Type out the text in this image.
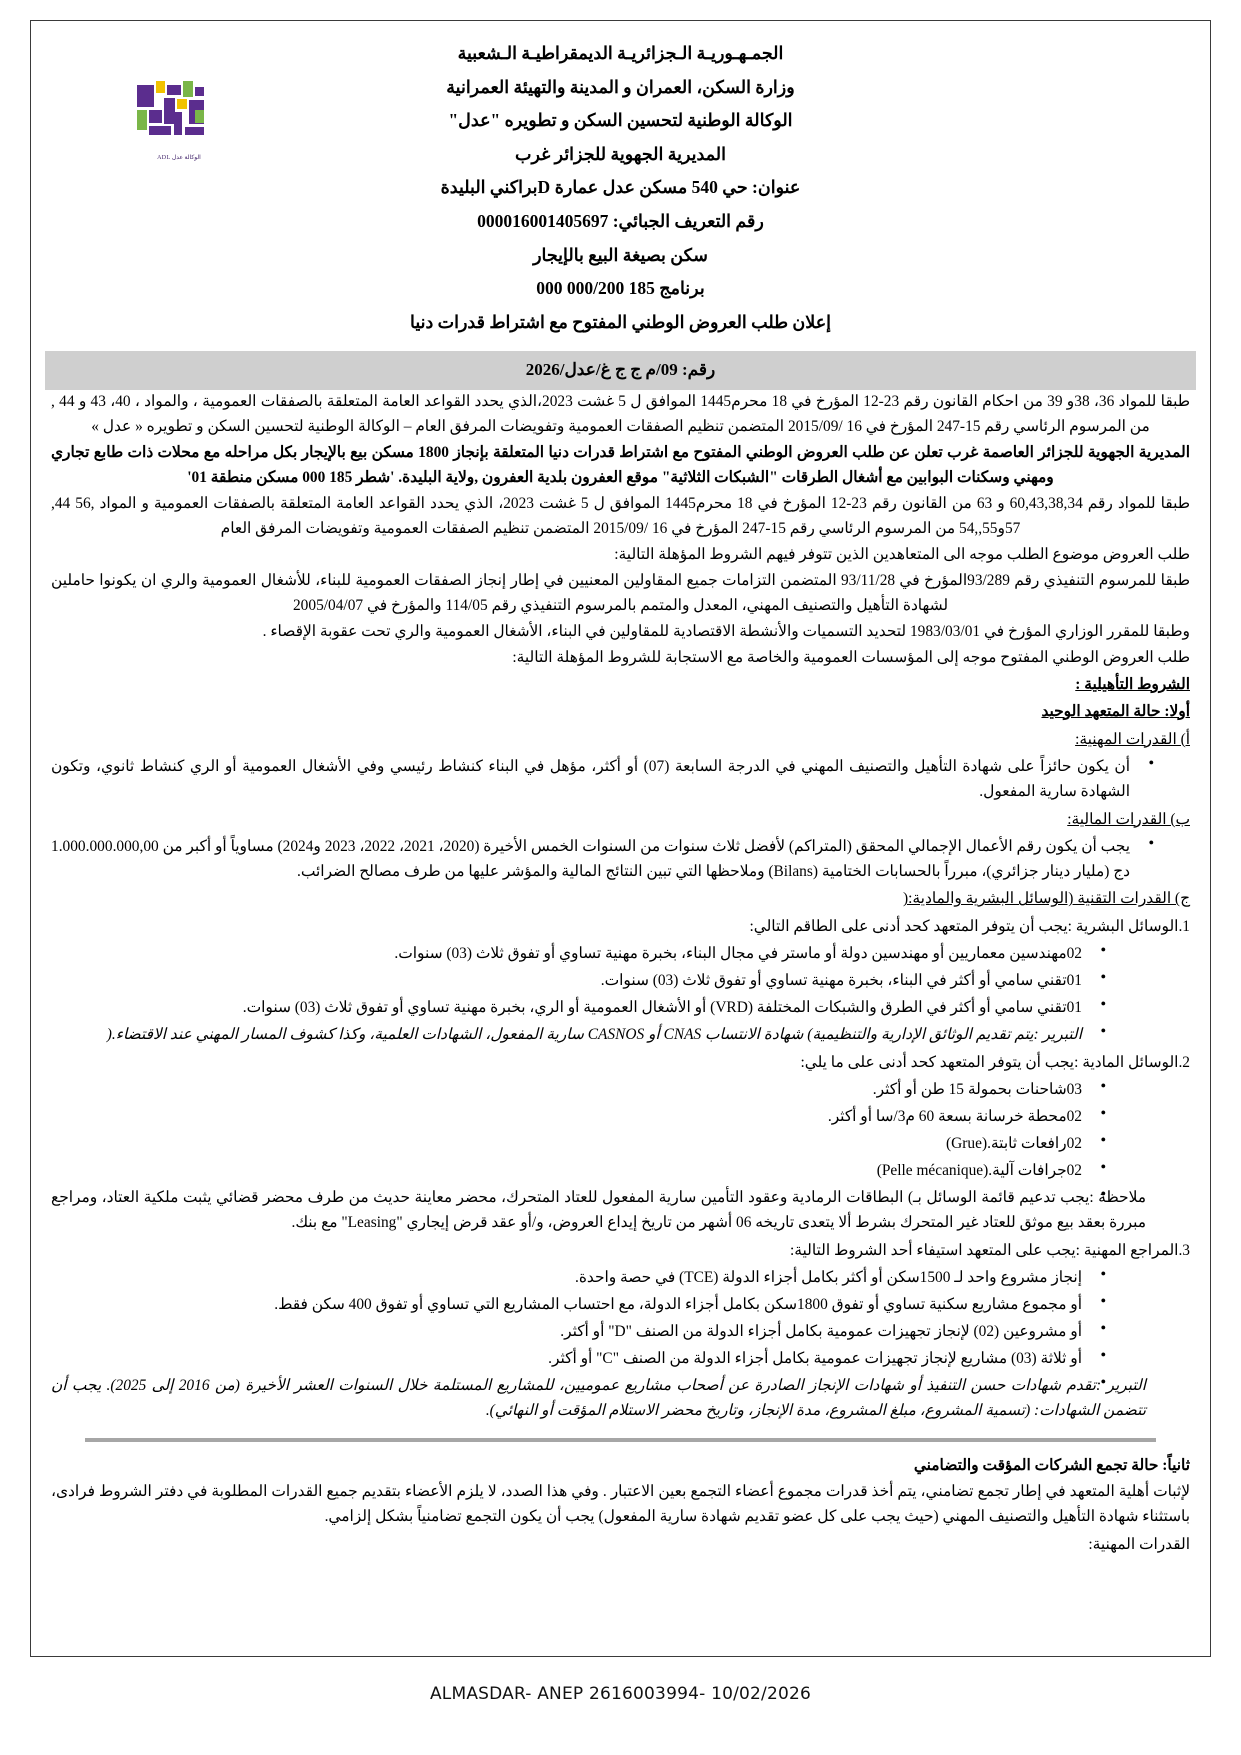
الوكالة عدل ADL
الجمـهـوريـة الـجزائريـة الديمقراطيـة الـشعبية
وزارة السكن، العمران و المدينة والتهيئة العمرانية
الوكالة الوطنية لتحسين السكن و تطويره "عدل"
المديرية الجهوية للجزائر غرب
عنوان: حي 540 مسكن عدل عمارة Dبراكني البليدة
رقم التعريف الجبائي: 000016001405697
سكن بصيغة البيع بالإيجار
برنامج 185 000/200 000
إعلان طلب العروض الوطني المفتوح مع اشتراط قدرات دنيا
رقم: 09/م ج ج غ/عدل/2026

طبقا للمواد 36، 38و 39 من احكام القانون رقم 23-12 المؤرخ في 18 محرم1445 الموافق ل 5 غشت 2023،الذي يحدد القواعد العامة المتعلقة بالصفقات العمومية ، والمواد ، 40، 43 و 44 , من المرسوم الرئاسي رقم 15-247 المؤرخ في 16 /2015/09 المتضمن تنظيم الصفقات العمومية وتفويضات المرفق العام – الوكالة الوطنية لتحسين السكن و تطويره « عدل »

المديرية الجهوية للجزائر العاصمة غرب تعلن عن طلب العروض الوطني المفتوح مع اشتراط قدرات دنيا المتعلقة بإنجاز 1800 مسكن بيع بالإيجار بكل مراحله مع محلات ذات طابع تجاري ومهني وسكنات البوابين مع أشغال الطرقات "الشبكات الثلاثية" موقع العفرون بلدية العفرون ,ولاية البليدة. 'شطر 185 000 مسكن منطقة 01'

طبقا للمواد رقم 60,43,38,34 و 63 من القانون رقم 23-12 المؤرخ في 18 محرم1445 الموافق ل 5 غشت 2023، الذي يحدد القواعد العامة المتعلقة بالصفقات العمومية و المواد ,56 44, 57و55,,54 من المرسوم الرئاسي رقم 15-247 المؤرخ في 16 /2015/09 المتضمن تنظيم الصفقات العمومية وتفويضات المرفق العام

طلب العروض موضوع الطلب موجه الى المتعاهدين الذين تتوفر فيهم الشروط المؤهلة التالية:

طبقا للمرسوم التنفيذي رقم 93/289المؤرخ في 93/11/28 المتضمن التزامات جميع المقاولين المعنيين في إطار إنجاز الصفقات العمومية للبناء، للأشغال العمومية والري ان يكونوا حاملين لشهادة التأهيل والتصنيف المهني، المعدل والمتمم بالمرسوم التنفيذي رقم 114/05 والمؤرخ في 2005/04/07

وطبقا للمقرر الوزاري المؤرخ في 1983/03/01 لتحديد التسميات والأنشطة الاقتصادية للمقاولين في البناء، الأشغال العمومية والري تحت عقوبة الإقصاء .

طلب العروض الوطني المفتوح موجه إلى المؤسسات العمومية والخاصة مع الاستجابة للشروط المؤهلة التالية:

الشروط التأهيلية :
أولا: حالة المتعهد الوحيد
أ) القدرات المهنية:
● أن يكون حائزاً على شهادة التأهيل والتصنيف المهني في الدرجة السابعة (07) أو أكثر، مؤهل في البناء كنشاط رئيسي وفي الأشغال العمومية أو الري كنشاط ثانوي، وتكون الشهادة سارية المفعول.
ب) القدرات المالية:
● يجب أن يكون رقم الأعمال الإجمالي المحقق (المتراكم) لأفضل ثلاث سنوات من السنوات الخمس الأخيرة (2020، 2021، 2022، 2023 و2024) مساوياً أو أكبر من 1.000.000.000,00 دج (مليار دينار جزائري)، مبرراً بالحسابات الختامية (Bilans) وملاحظها التي تبين النتائج المالية والمؤشر عليها من طرف مصالح الضرائب.
ج) القدرات التقنية (الوسائل البشرية والمادية:(
1.الوسائل البشرية :يجب أن يتوفر المتعهد كحد أدنى على الطاقم التالي:
● 02مهندسين معماريين أو مهندسين دولة أو ماستر في مجال البناء، بخبرة مهنية تساوي أو تفوق ثلاث (03) سنوات.
● 01تقني سامي أو أكثر في البناء، بخبرة مهنية تساوي أو تفوق ثلاث (03) سنوات.
● 01تقني سامي أو أكثر في الطرق والشبكات المختلفة (VRD) أو الأشغال العمومية أو الري، بخبرة مهنية تساوي أو تفوق ثلاث (03) سنوات.
● التبرير :يتم تقديم الوثائق الإدارية والتنظيمية) شهادة الانتساب CNAS أو CASNOS سارية المفعول، الشهادات العلمية، وكذا كشوف المسار المهني عند الاقتضاء.(
2.الوسائل المادية :يجب أن يتوفر المتعهد كحد أدنى على ما يلي:
● 03شاحنات بحمولة 15 طن أو أكثر.
● 02محطة خرسانة بسعة 60 م3/سا أو أكثر.
● 02رافعات ثابتة.(Grue)
● 02جرافات آلية.(Pelle mécanique)
● ملاحظة :يجب تدعيم قائمة الوسائل بـ) البطاقات الرمادية وعقود التأمين سارية المفعول للعتاد المتحرك، محضر معاينة حديث من طرف محضر قضائي يثبت ملكية العتاد، ومراجع مبررة بعقد بيع موثق للعتاد غير المتحرك بشرط ألا يتعدى تاريخه 06 أشهر من تاريخ إيداع العروض، و/أو عقد قرض إيجاري "Leasing" مع بنك.
3.المراجع المهنية :يجب على المتعهد استيفاء أحد الشروط التالية:
● إنجاز مشروع واحد لـ 1500سكن أو أكثر بكامل أجزاء الدولة (TCE) في حصة واحدة.
● أو مجموع مشاريع سكنية تساوي أو تفوق 1800سكن بكامل أجزاء الدولة، مع احتساب المشاريع التي تساوي أو تفوق 400 سكن فقط.
● أو مشروعين (02) لإنجاز تجهيزات عمومية بكامل أجزاء الدولة من الصنف "D" أو أكثر.
● أو ثلاثة (03) مشاريع لإنجاز تجهيزات عمومية بكامل أجزاء الدولة من الصنف "C" أو أكثر.
● التبرير :تقدم شهادات حسن التنفيذ أو شهادات الإنجاز الصادرة عن أصحاب مشاريع عموميين، للمشاريع المستلمة خلال السنوات العشر الأخيرة (من 2016 إلى 2025). يجب أن تتضمن الشهادات: (تسمية المشروع، مبلغ المشروع، مدة الإنجاز، وتاريخ محضر الاستلام المؤقت أو النهائي).
ثانياً: حالة تجمع الشركات المؤقت والتضامني

لإثبات أهلية المتعهد في إطار تجمع تضامني، يتم أخذ قدرات مجموع أعضاء التجمع بعين الاعتبار . وفي هذا الصدد، لا يلزم الأعضاء بتقديم جميع القدرات المطلوبة في دفتر الشروط فرادى، باستثناء شهادة التأهيل والتصنيف المهني (حيث يجب على كل عضو تقديم شهادة سارية المفعول) يجب أن يكون التجمع تضامنياً بشكل إلزامي.

القدرات المهنية:
ALMASDAR- ANEP 2616003994- 10/02/2026
